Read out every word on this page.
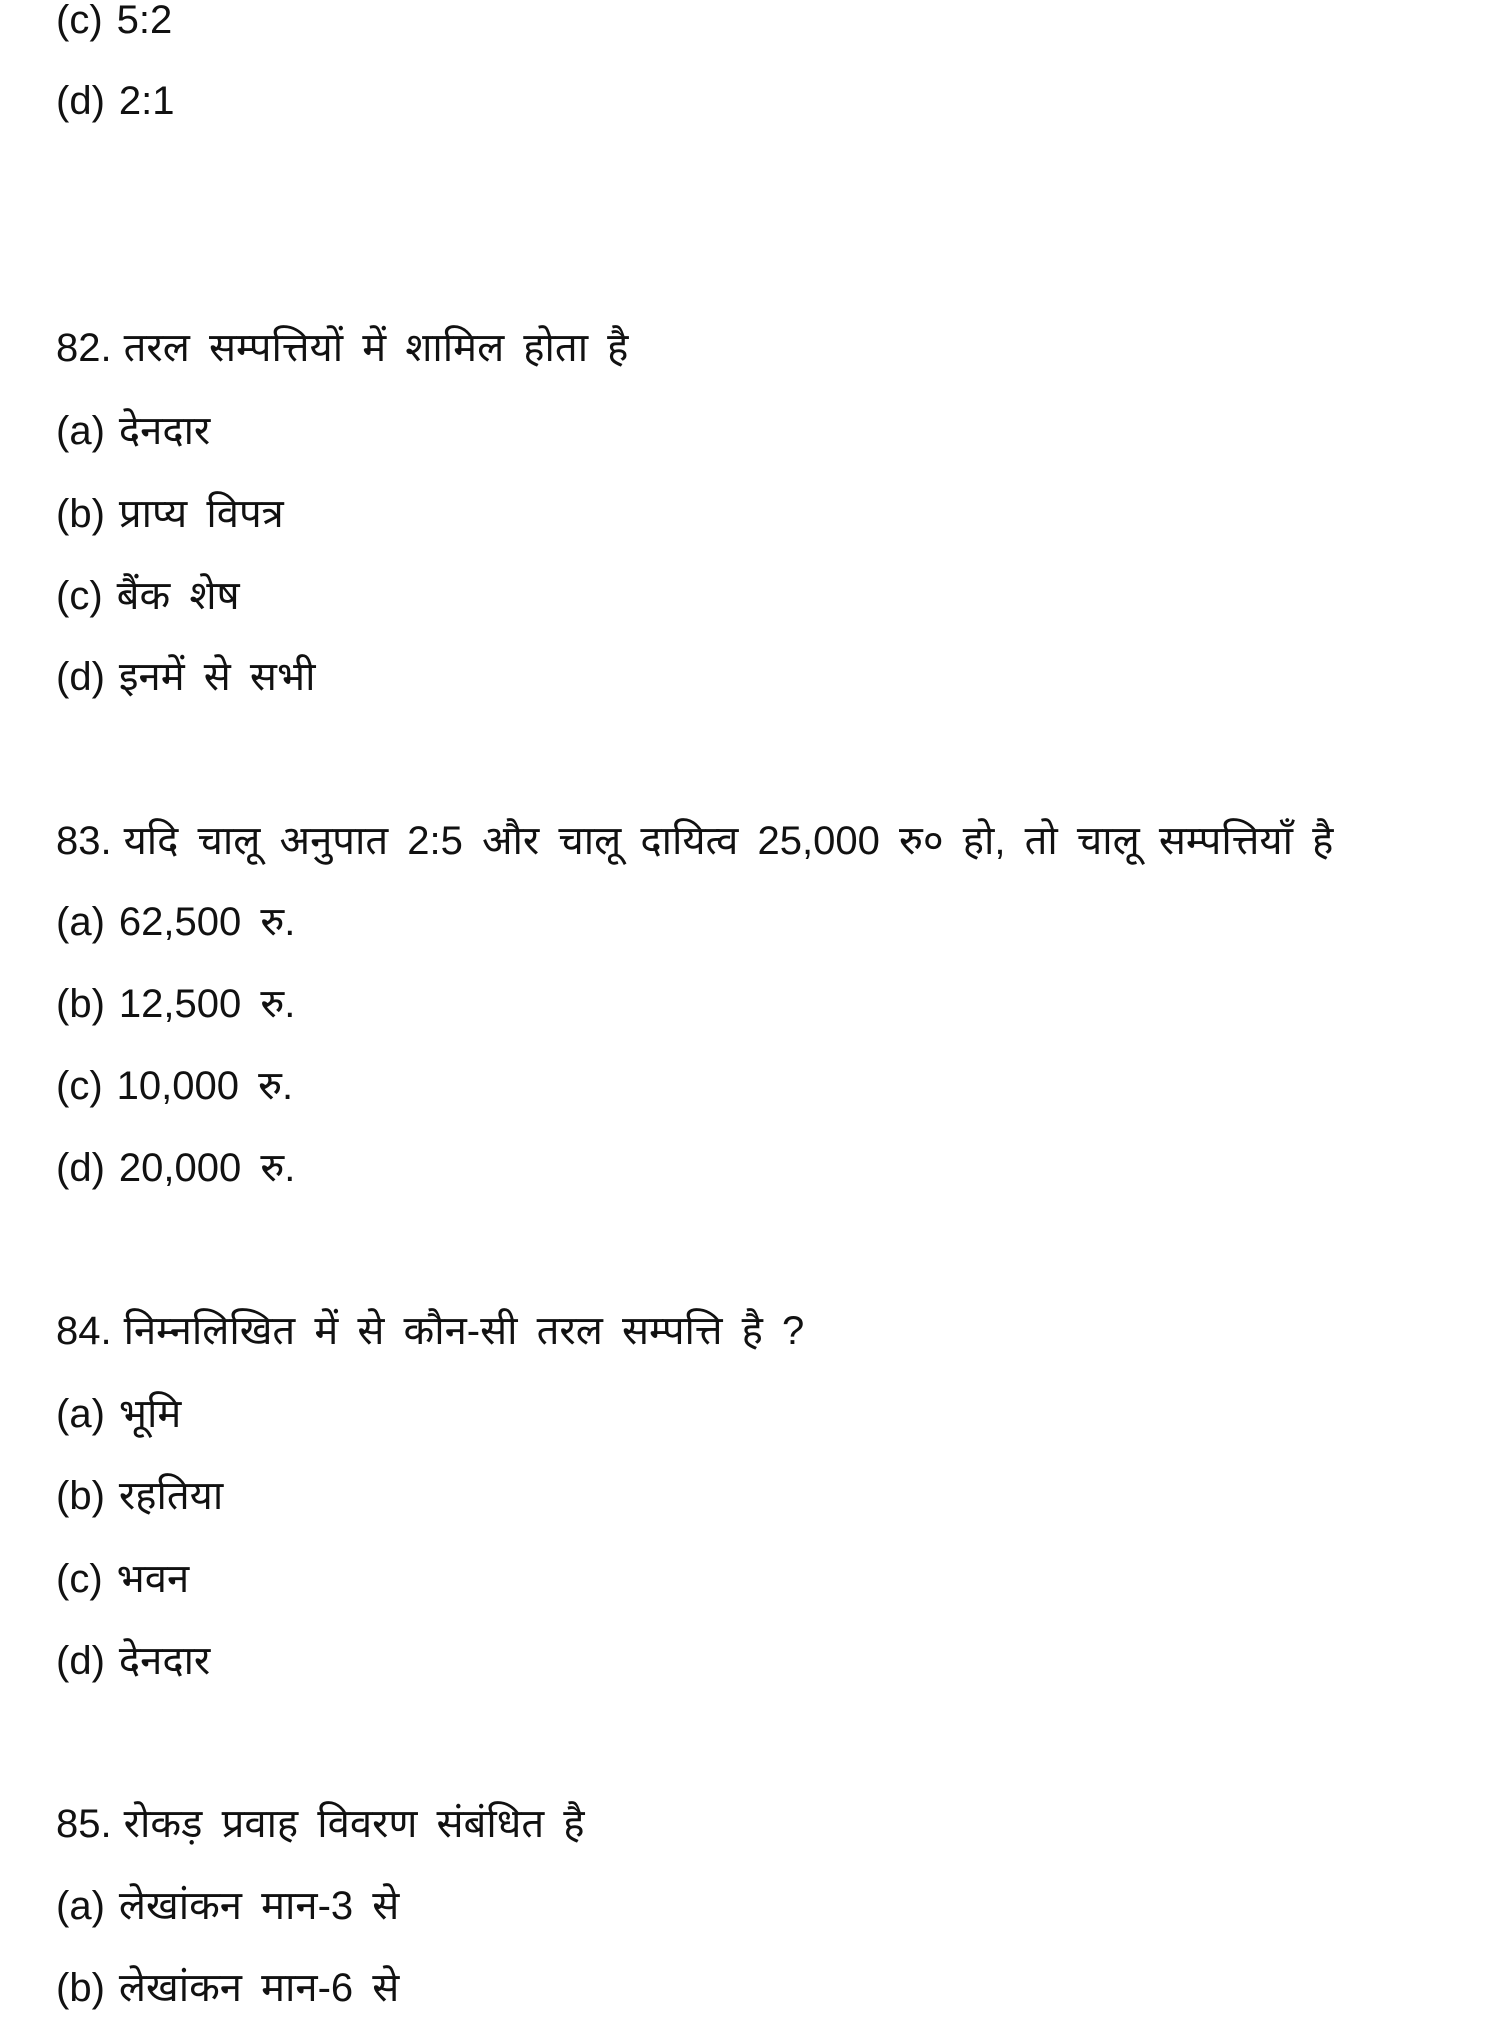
(c) 5:2
(d) 2:1
82. तरल सम्पत्तियों में शामिल होता है
(a) देनदार
(b) प्राप्य विपत्र
(c) बैंक शेष
(d) इनमें से सभी
83. यदि चालू अनुपात 2:5 और चालू दायित्व 25,000 रु० हो, तो चालू सम्पत्तियाँ है
(a) 62,500 रु.
(b) 12,500 रु.
(c) 10,000 रु.
(d) 20,000 रु.
84. निम्नलिखित में से कौन-सी तरल सम्पत्ति है ?
(a) भूमि
(b) रहतिया
(c) भवन
(d) देनदार
85. रोकड़ प्रवाह विवरण संबंधित है
(a) लेखांकन मान-3 से
(b) लेखांकन मान-6 से
